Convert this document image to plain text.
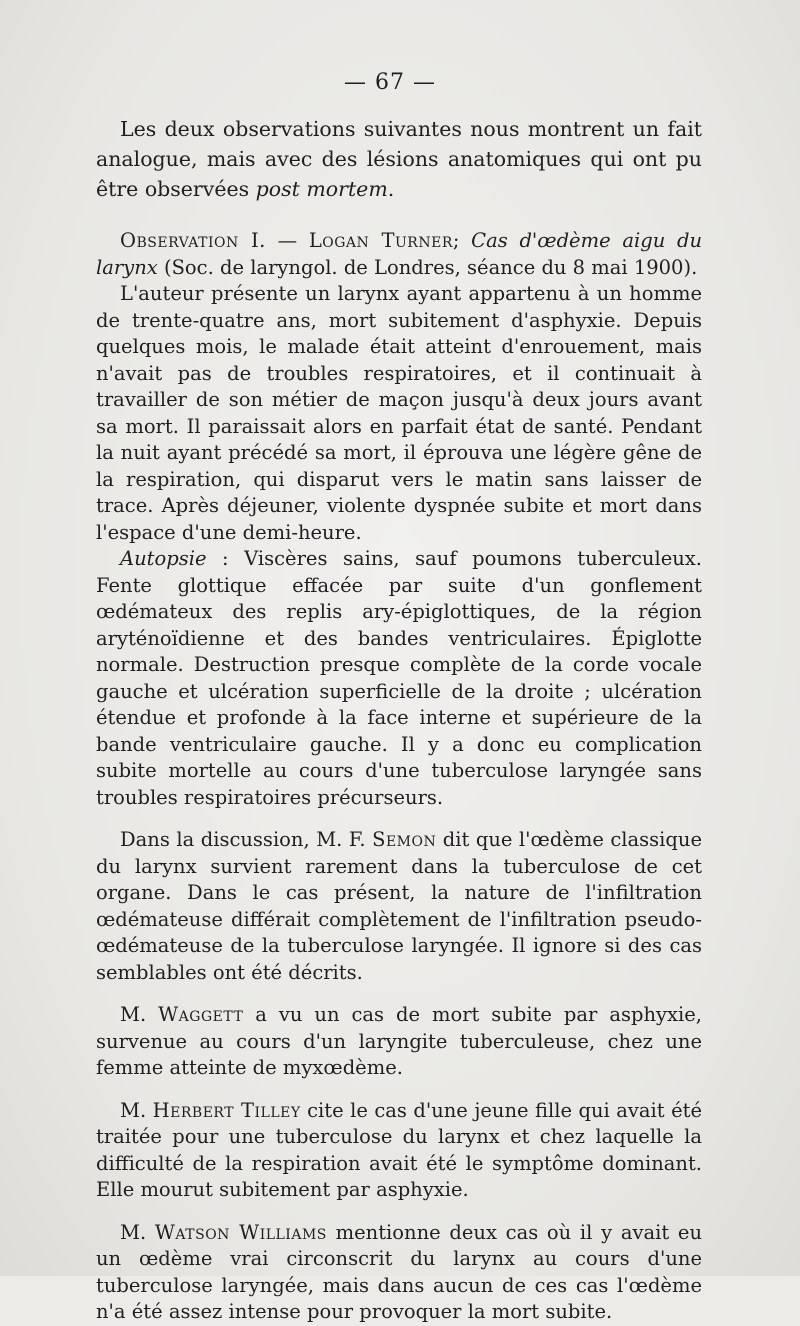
— 67 —

Les deux observations suivantes nous montrent un fait analogue, mais avec des lésions anatomiques qui ont pu être observées post mortem.

Observation I. — Logan Turner; Cas d'œdème aigu du larynx (Soc. de laryngol. de Londres, séance du 8 mai 1900).

L'auteur présente un larynx ayant appartenu à un homme de trente-quatre ans, mort subitement d'asphyxie. Depuis quelques mois, le malade était atteint d'enrouement, mais n'avait pas de troubles respiratoires, et il continuait à travailler de son métier de maçon jusqu'à deux jours avant sa mort. Il paraissait alors en parfait état de santé. Pendant la nuit ayant précédé sa mort, il éprouva une légère gêne de la respiration, qui disparut vers le matin sans laisser de trace. Après déjeuner, violente dyspnée subite et mort dans l'espace d'une demi-heure.

Autopsie : Viscères sains, sauf poumons tuberculeux. Fente glottique effacée par suite d'un gonflement œdémateux des replis ary-épiglottiques, de la région aryténoïdienne et des bandes ventriculaires. Épiglotte normale. Destruction presque complète de la corde vocale gauche et ulcération superficielle de la droite ; ulcération étendue et profonde à la face interne et supérieure de la bande ventriculaire gauche. Il y a donc eu complication subite mortelle au cours d'une tuberculose laryngée sans troubles respiratoires précurseurs.

Dans la discussion, M. F. Semon dit que l'œdème classique du larynx survient rarement dans la tuberculose de cet organe. Dans le cas présent, la nature de l'infiltration œdémateuse différait complètement de l'infiltration pseudo-œdémateuse de la tuberculose laryngée. Il ignore si des cas semblables ont été décrits.

M. Waggett a vu un cas de mort subite par asphyxie, survenue au cours d'un laryngite tuberculeuse, chez une femme atteinte de myxœdème.

M. Herbert Tilley cite le cas d'une jeune fille qui avait été traitée pour une tuberculose du larynx et chez laquelle la difficulté de la respiration avait été le symptôme dominant. Elle mourut subitement par asphyxie.

M. Watson Williams mentionne deux cas où il y avait eu un œdème vrai circonscrit du larynx au cours d'une tuberculose laryngée, mais dans aucun de ces cas l'œdème n'a été assez intense pour provoquer la mort subite.
